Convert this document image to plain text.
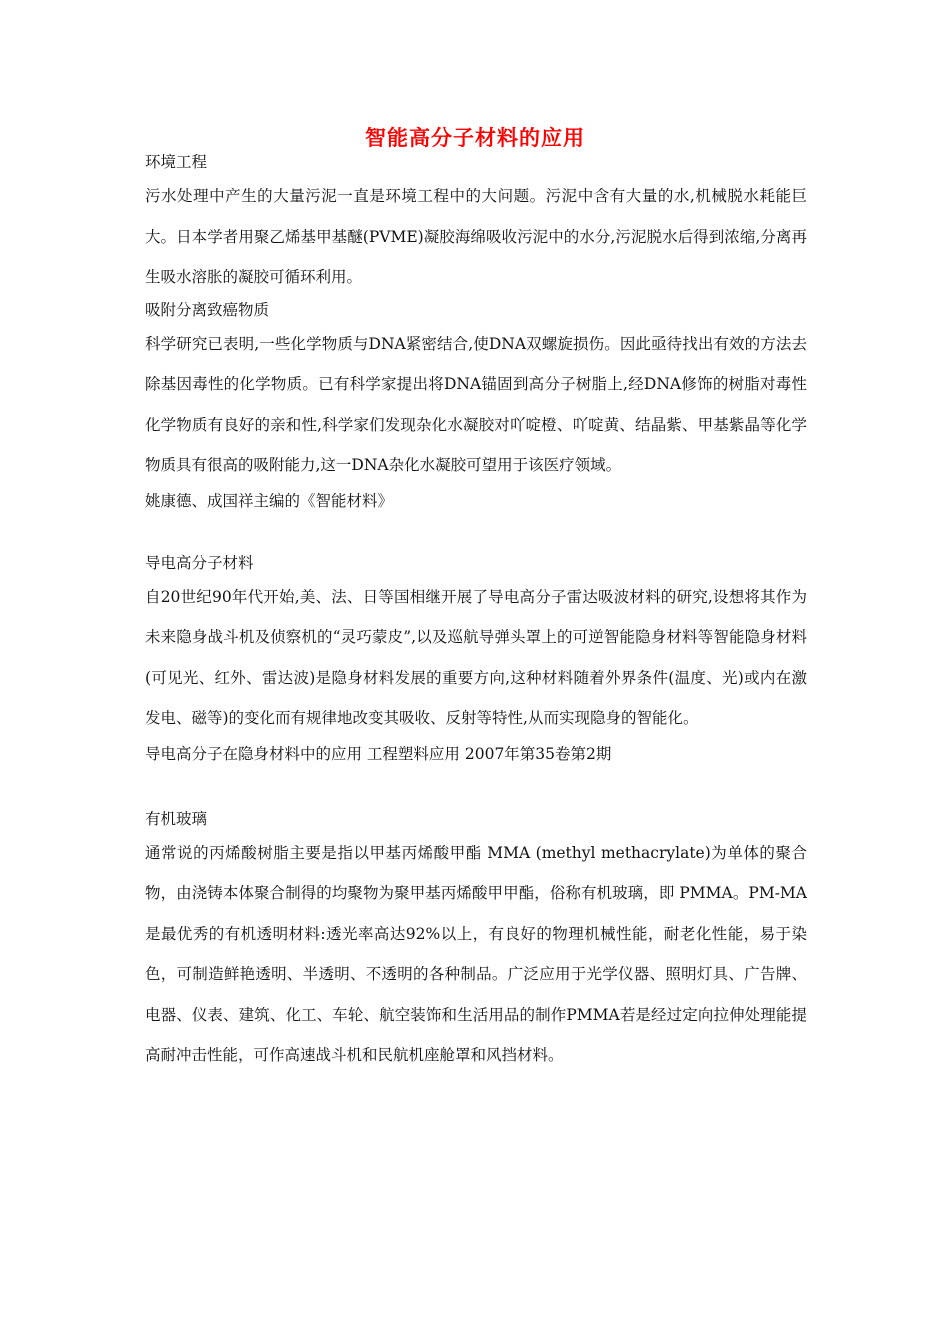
智能高分子材料的应用

环境工程

污水处理中产生的大量污泥一直是环境工程中的大问题。污泥中含有大量的水,机械脱水耗能巨大。日本学者用聚乙烯基甲基醚(PVME)凝胶海绵吸收污泥中的水分,污泥脱水后得到浓缩,分离再生吸水溶胀的凝胶可循环利用。

吸附分离致癌物质

科学研究已表明,一些化学物质与DNA紧密结合,使DNA双螺旋损伤。因此亟待找出有效的方法去除基因毒性的化学物质。已有科学家提出将DNA锚固到高分子树脂上,经DNA修饰的树脂对毒性化学物质有良好的亲和性,科学家们发现杂化水凝胶对吖啶橙、吖啶黄、结晶紫、甲基紫晶等化学物质具有很高的吸附能力,这一DNA杂化水凝胶可望用于该医疗领域。

姚康德、成国祥主编的《智能材料》

导电高分子材料

自20世纪90年代开始,美、法、日等国相继开展了导电高分子雷达吸波材料的研究,设想将其作为未来隐身战斗机及侦察机的“灵巧蒙皮”,以及巡航导弹头罩上的可逆智能隐身材料等智能隐身材料(可见光、红外、雷达波)是隐身材料发展的重要方向,这种材料随着外界条件(温度、光)或内在激发电、磁等)的变化而有规律地改变其吸收、反射等特性,从而实现隐身的智能化。

导电高分子在隐身材料中的应用 工程塑料应用 2007年第35卷第2期

有机玻璃

通常说的丙烯酸树脂主要是指以甲基丙烯酸甲酯 MMA (methyl methacrylate)为单体的聚合物，由浇铸本体聚合制得的均聚物为聚甲基丙烯酸甲甲酯，俗称有机玻璃，即 PMMA。PM-MA是最优秀的有机透明材料:透光率高达92%以上，有良好的物理机械性能，耐老化性能，易于染色，可制造鲜艳透明、半透明、不透明的各种制品。广泛应用于光学仪器、照明灯具、广告牌、电器、仪表、建筑、化工、车轮、航空装饰和生活用品的制作PMMA若是经过定向拉伸处理能提高耐冲击性能，可作高速战斗机和民航机座舱罩和风挡材料。
